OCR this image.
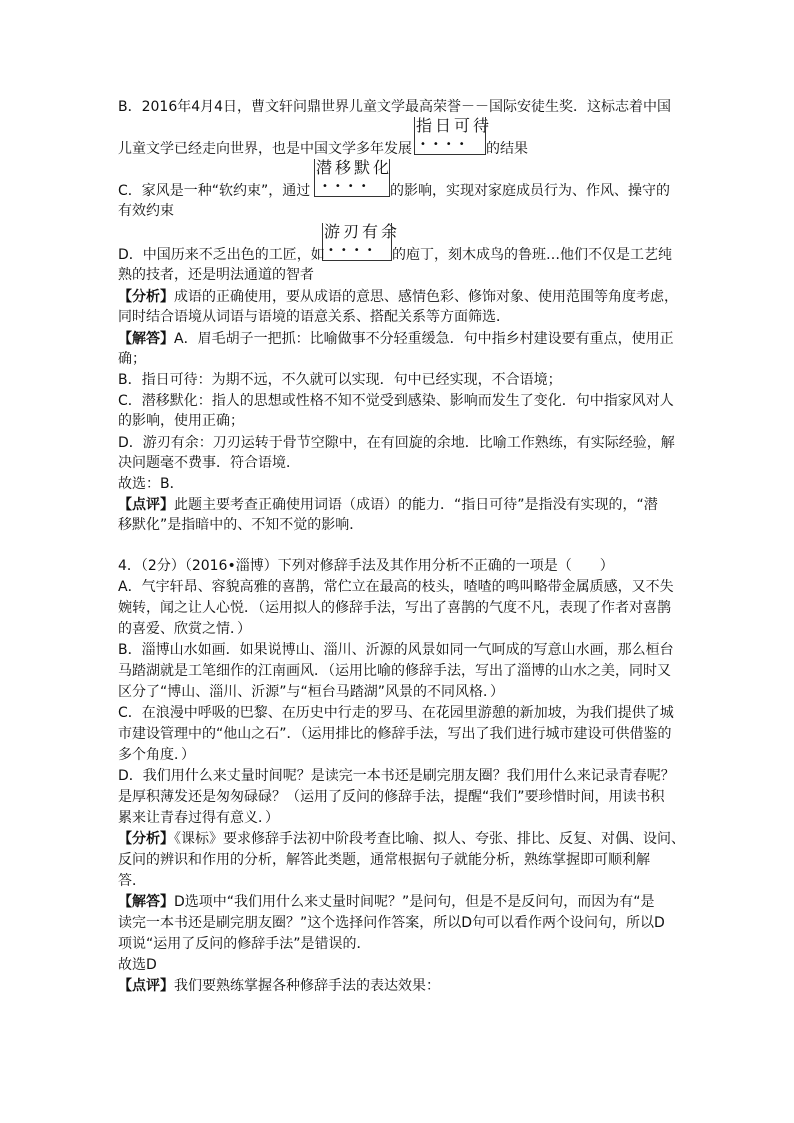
B．2016年4月4日，曹文轩问鼎世界儿童文学最高荣誉－－国际安徒生奖．这标志着中国
指日可待
••••
儿童文学已经走向世界，也是中国文学多年发展	的结果
潜移默化
••••
C．家风是一种“软约束”，通过	的影响，实现对家庭成员行为、作风、操守的
有效约束
游刃有余
••••
D．中国历来不乏出色的工匠，如	的庖丁，刻木成鸟的鲁班…他们不仅是工艺纯
熟的技者，还是明法通道的智者
【分析】成语的正确使用，要从成语的意思、感情色彩、修饰对象、使用范围等角度考虑，
同时结合语境从词语与语境的语意关系、搭配关系等方面筛选．
【解答】A．眉毛胡子一把抓：比喻做事不分轻重缓急．句中指乡村建设要有重点，使用正
确；
B．指日可待：为期不远，不久就可以实现．句中已经实现，不合语境；
C．潜移默化：指人的思想或性格不知不觉受到感染、影响而发生了变化．句中指家风对人
的影响，使用正确；
D．游刃有余：刀刃运转于骨节空隙中，在有回旋的余地．比喻工作熟练，有实际经验，解
决问题毫不费事．符合语境．
故选：B．
【点评】此题主要考查正确使用词语（成语）的能力．“指日可待”是指没有实现的，“潜
移默化”是指暗中的、不知不觉的影响．
4．（2分）（2016•淄博）下列对修辞手法及其作用分析不正确的一项是（　　）
A．气宇轩昂、容貌高雅的喜鹊，常伫立在最高的枝头，喳喳的鸣叫略带金属质感，又不失
婉转，闻之让人心悦．（运用拟人的修辞手法，写出了喜鹊的气度不凡，表现了作者对喜鹊
的喜爱、欣赏之情．）
B．淄博山水如画．如果说博山、淄川、沂源的风景如同一气呵成的写意山水画，那么桓台
马踏湖就是工笔细作的江南画风．（运用比喻的修辞手法，写出了淄博的山水之美，同时又
区分了“博山、淄川、沂源”与“桓台马踏湖”风景的不同风格．）
C．在浪漫中呼吸的巴黎、在历史中行走的罗马、在花园里游憩的新加坡，为我们提供了城
市建设管理中的“他山之石”．（运用排比的修辞手法，写出了我们进行城市建设可供借鉴的
多个角度．）
D．我们用什么来丈量时间呢？是读完一本书还是刷完朋友圈？我们用什么来记录青春呢？
是厚积薄发还是匆匆碌碌？（运用了反问的修辞手法，提醒“我们”要珍惜时间，用读书积
累来让青春过得有意义．）
【分析】《课标》要求修辞手法初中阶段考查比喻、拟人、夸张、排比、反复、对偶、设问、
反问的辨识和作用的分析，解答此类题，通常根据句子就能分析，熟练掌握即可顺利解
答．
【解答】D选项中“我们用什么来丈量时间呢？”是问句，但是不是反问句，而因为有“是
读完一本书还是刷完朋友圈？”这个选择问作答案，所以D句可以看作两个设问句，所以D
项说“运用了反问的修辞手法”是错误的．
故选D
【点评】我们要熟练掌握各种修辞手法的表达效果：
